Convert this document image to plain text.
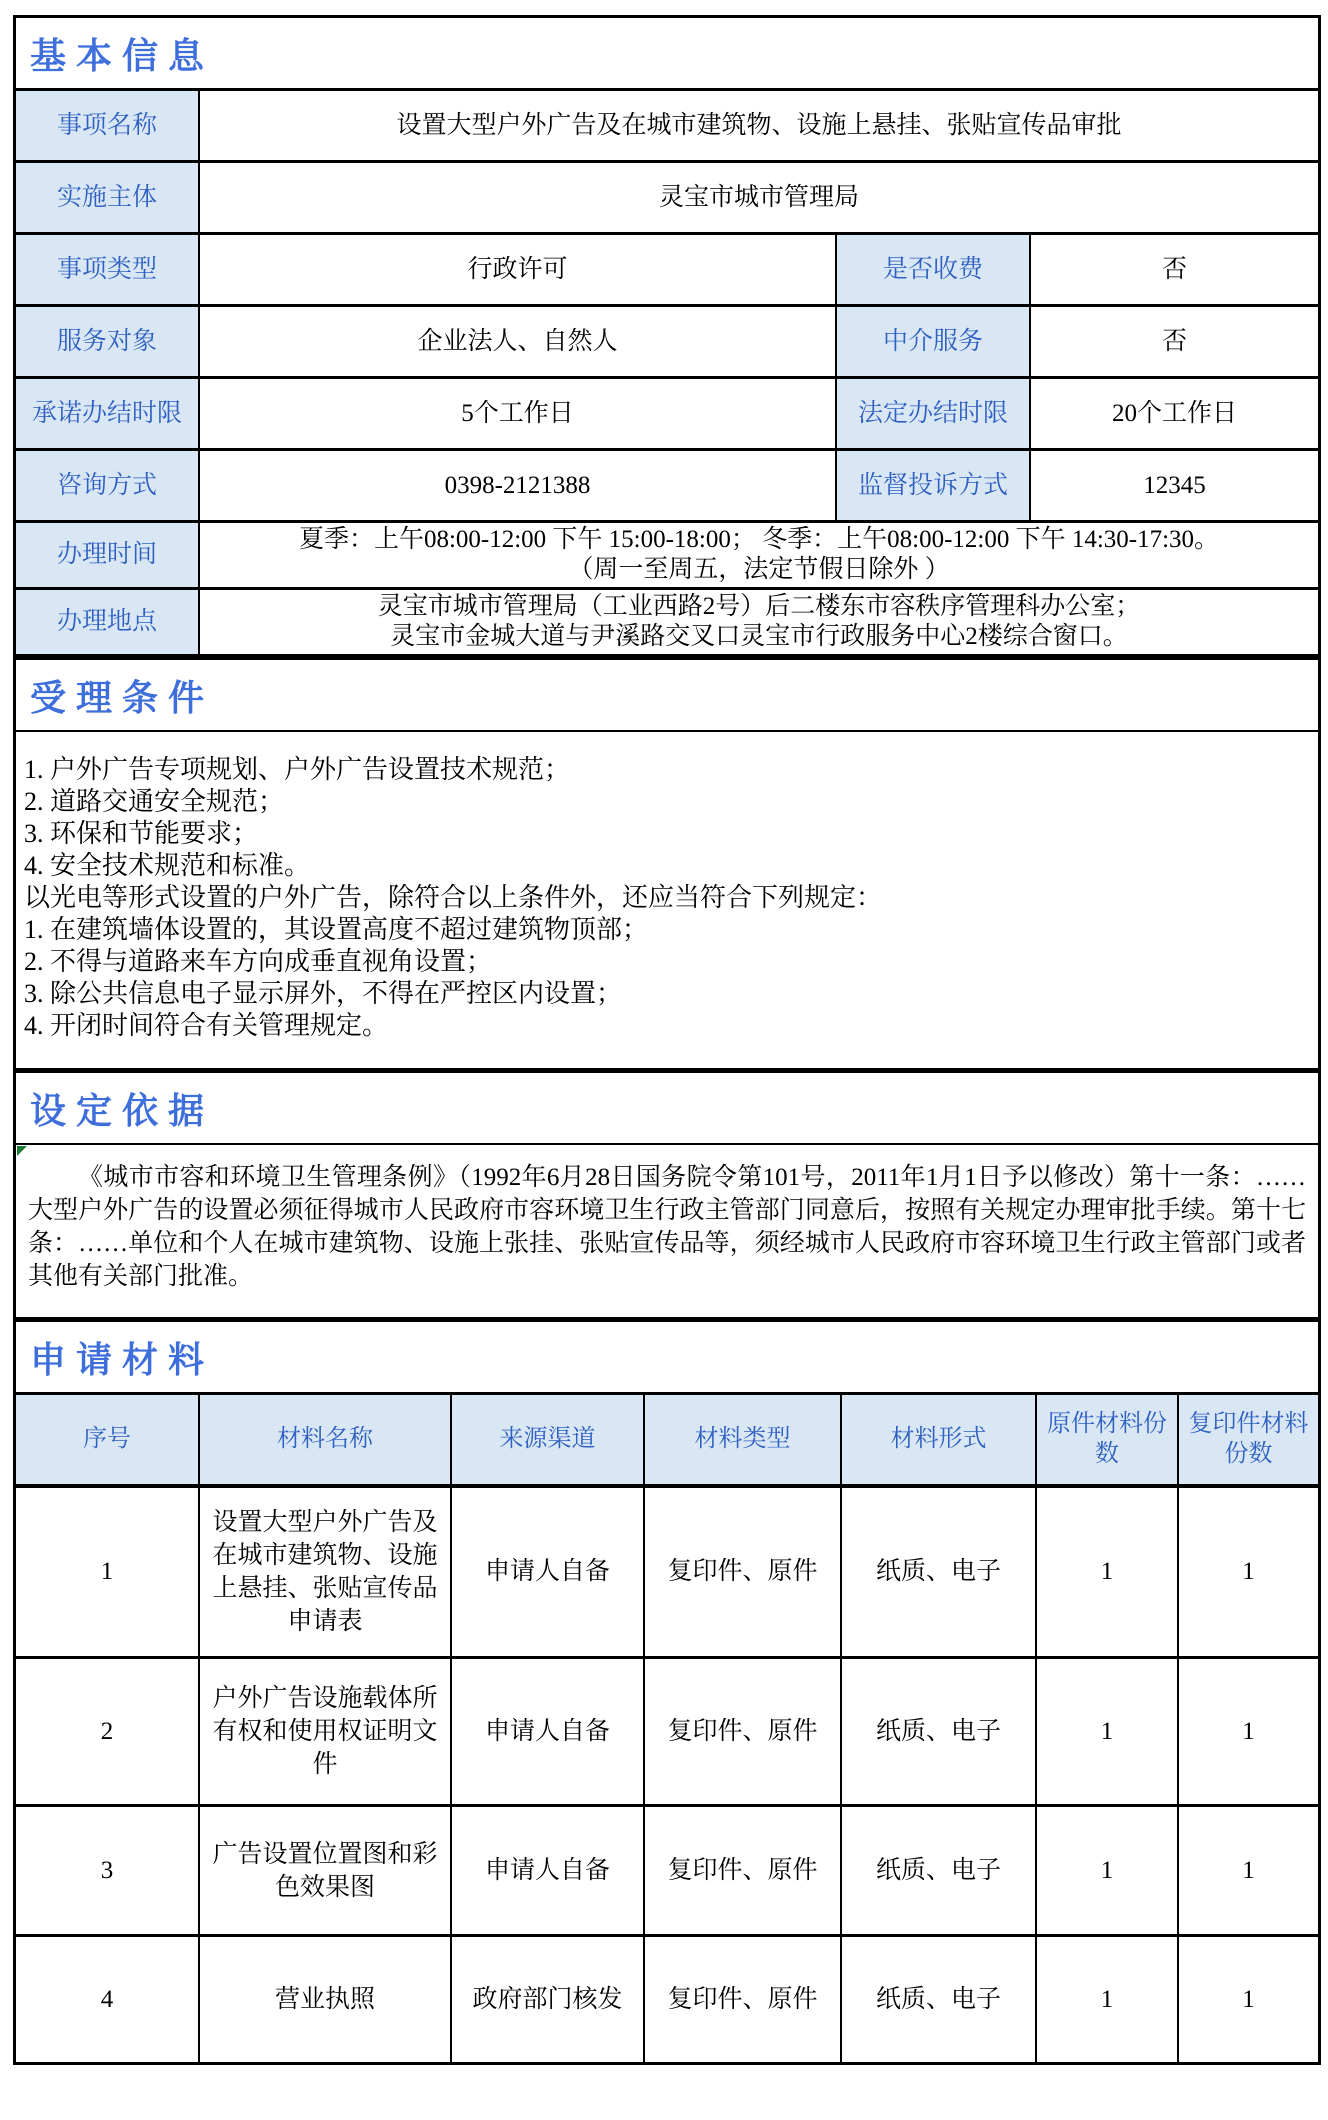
基本信息
事项名称	设置大型户外广告及在城市建筑物、设施上悬挂、张贴宣传品审批		
实施主体	灵宝市城市管理局		
事项类型	行政许可	是否收费	否
服务对象	企业法人、自然人	中介服务	否
承诺办结时限	5个工作日	法定办结时限	20个工作日
咨询方式	0398-2121388	监督投诉方式	12345
办理时间	夏季：上午08:00-12:00 下午 15:00-18:00； 冬季：上午08:00-12:00 下午 14:30-17:30。
（周一至周五，法定节假日除外 ）		

办理地点	灵宝市城市管理局（工业西路2号）后二楼东市容秩序管理科办公室；
灵宝市金城大道与尹溪路交叉口灵宝市行政服务中心2楼综合窗口。		
受理条件
1. 户外广告专项规划、户外广告设置技术规范；
2. 道路交通安全规范；
3. 环保和节能要求；
4. 安全技术规范和标准。
以光电等形式设置的户外广告，除符合以上条件外，还应当符合下列规定：
1. 在建筑墙体设置的，其设置高度不超过建筑物顶部；
2. 不得与道路来车方向成垂直视角设置；
3. 除公共信息电子显示屏外，不得在严控区内设置；
4. 开闭时间符合有关管理规定。
设定依据

《城市市容和环境卫生管理条例》（1992年6月28日国务院令第101号，2011年1月1日予以修改）第十一条：……大型户外广告的设置必须征得城市人民政府市容环境卫生行政主管部门同意后，按照有关规定办理审批手续。第十七条：……单位和个人在城市建筑物、设施上张挂、张贴宣传品等，须经城市人民政府市容环境卫生行政主管部门或者其他有关部门批准。

申请材料
序号	材料名称	来源渠道	材料类型	材料形式	原件材料份数	复印件材料份数
1	设置大型户外广告及在城市建筑物、设施上悬挂、张贴宣传品申请表	申请人自备	复印件、原件	纸质、电子	1	1
2	户外广告设施载体所有权和使用权证明文件	申请人自备	复印件、原件	纸质、电子	1	1
3	广告设置位置图和彩色效果图	申请人自备	复印件、原件	纸质、电子	1	1
4	营业执照	政府部门核发	复印件、原件	纸质、电子	1	1
